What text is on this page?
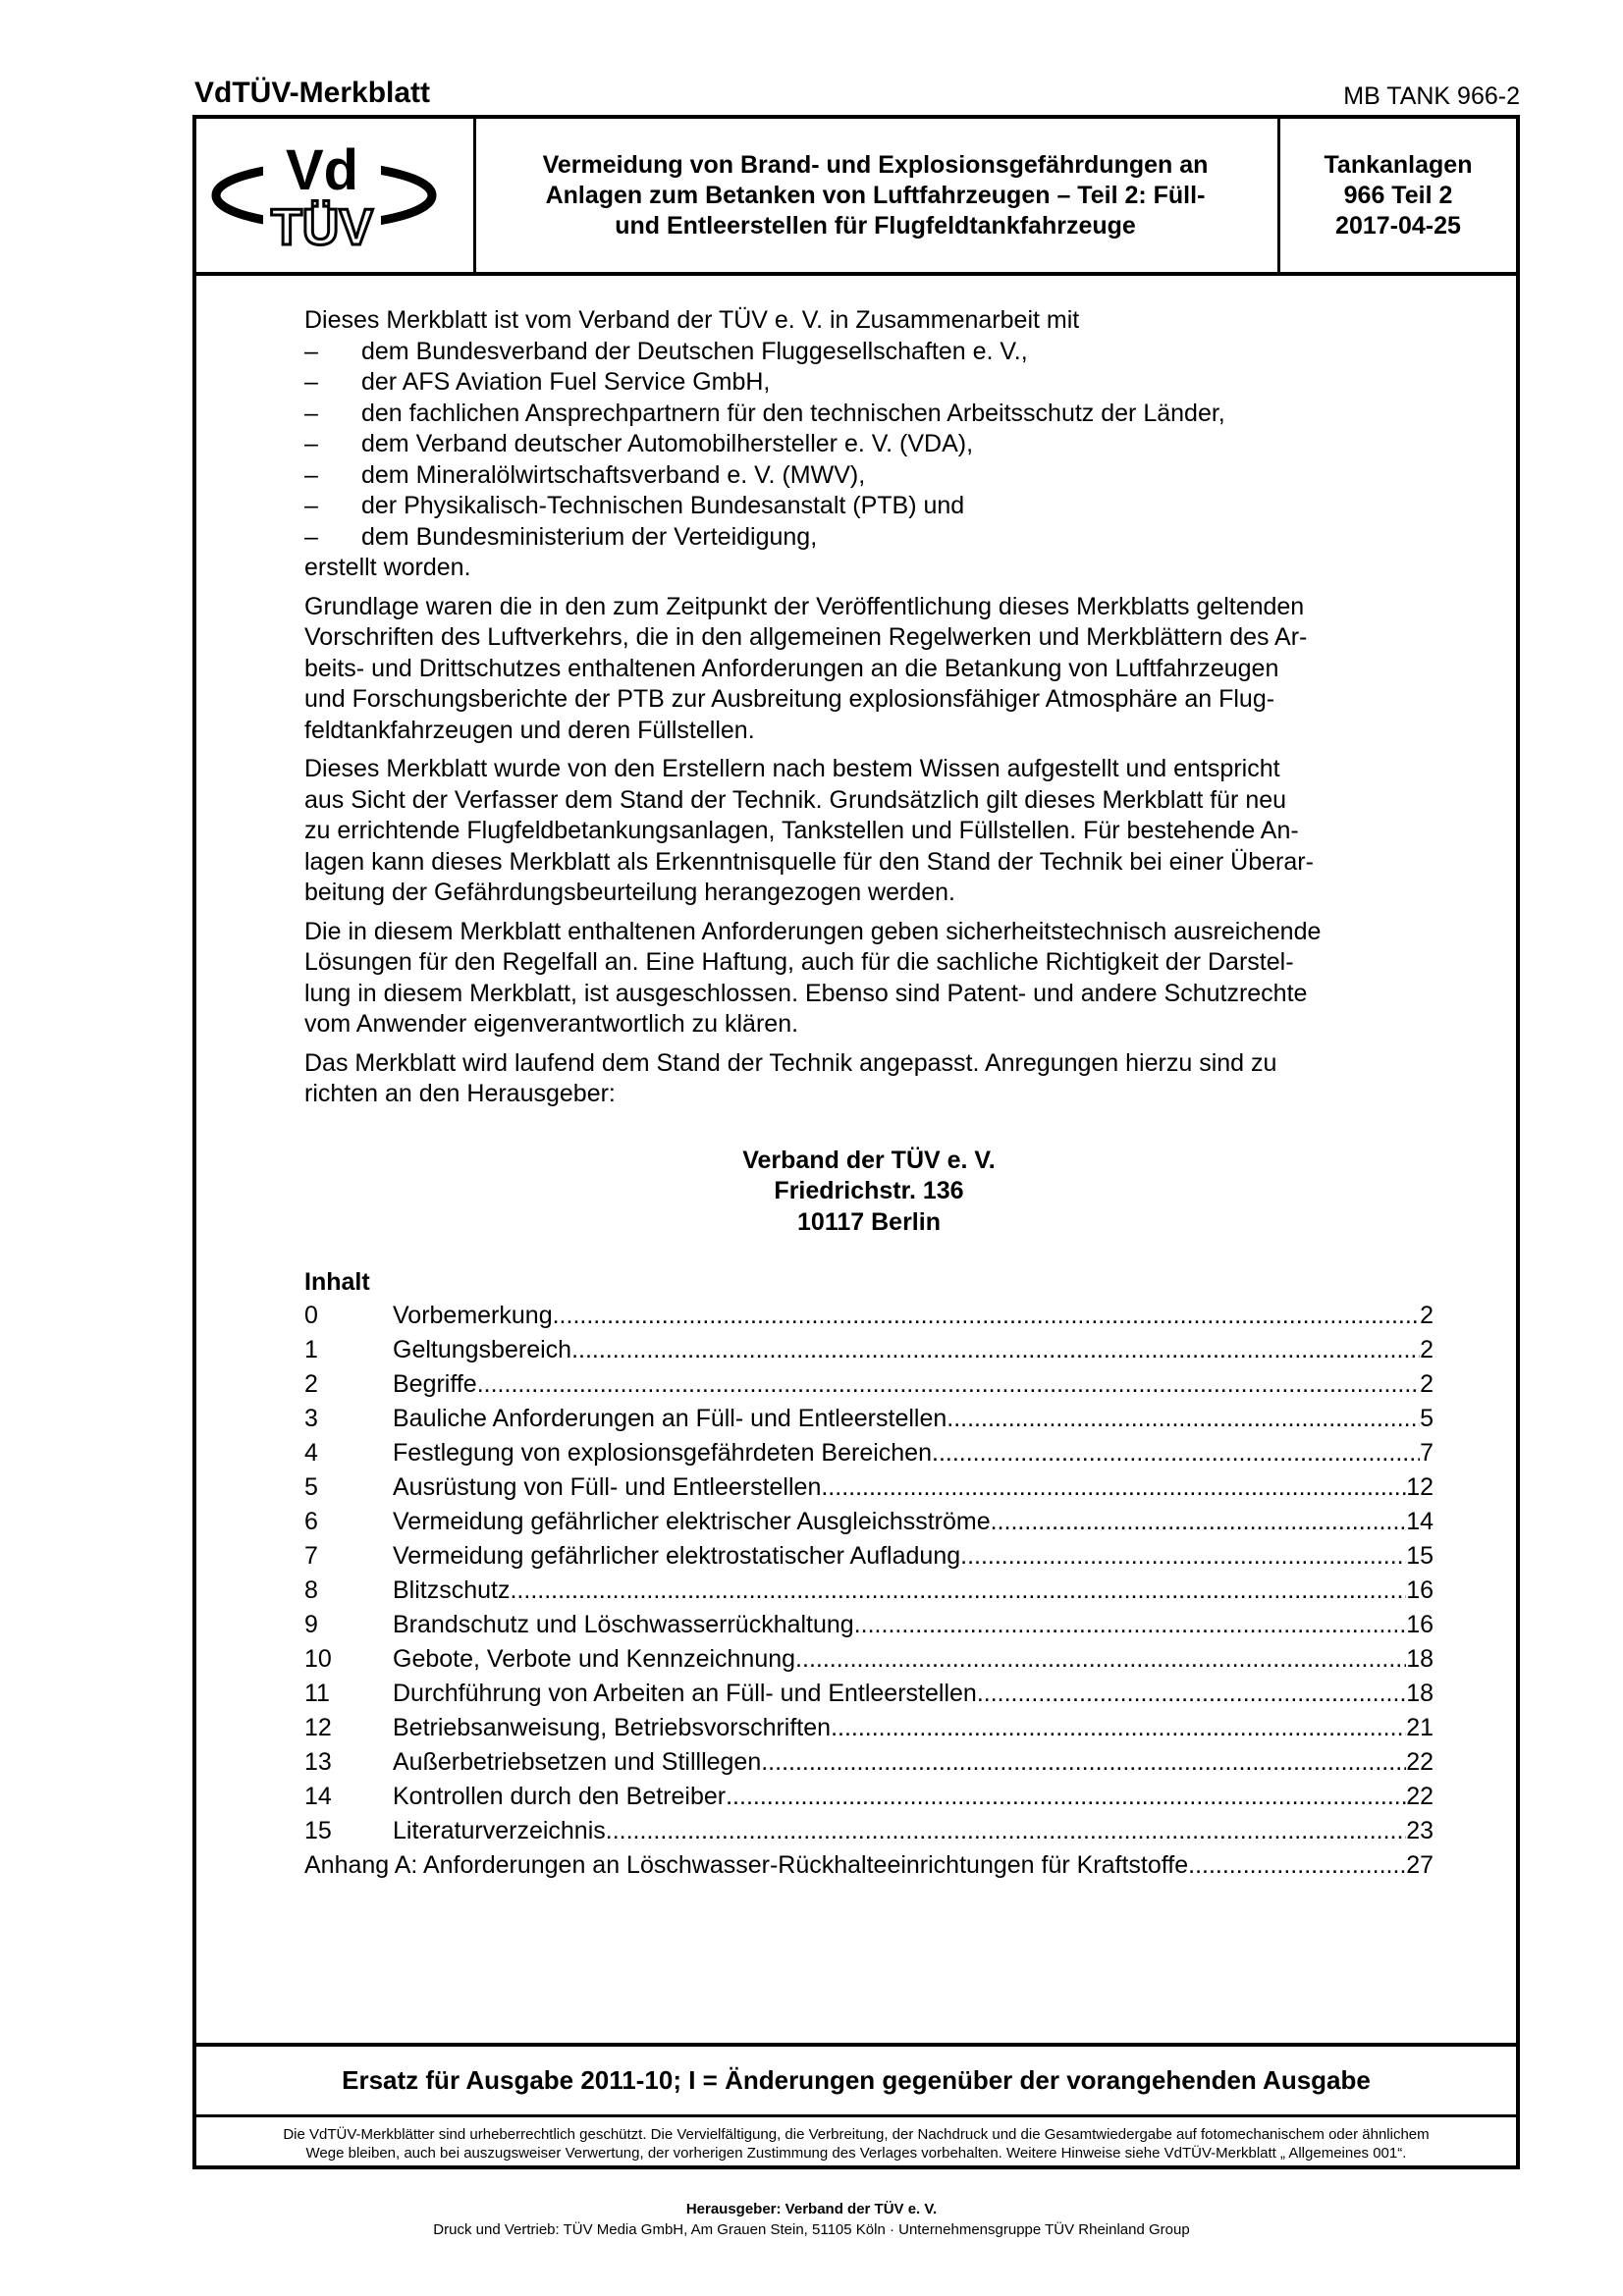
VdTÜV-Merkblatt	MB TANK 966-2
Vd
TÜV
Vermeidung von Brand- und Explosionsgefährdungen an
Anlagen zum Betanken von Luftfahrzeugen – Teil 2: Füll-
und Entleerstellen für Flugfeldtankfahrzeuge
Tankanlagen
966 Teil 2
2017-04-25
Dieses Merkblatt ist vom Verband der TÜV e. V. in Zusammenarbeit mit
–	dem Bundesverband der Deutschen Fluggesellschaften e. V.,
–	der AFS Aviation Fuel Service GmbH,
–	den fachlichen Ansprechpartnern für den technischen Arbeitsschutz der Länder,
–	dem Verband deutscher Automobilhersteller e. V. (VDA),
–	dem Mineralölwirtschaftsverband e. V. (MWV),
–	der Physikalisch-Technischen Bundesanstalt (PTB) und
–	dem Bundesministerium der Verteidigung,

erstellt worden.

Grundlage waren die in den zum Zeitpunkt der Veröffentlichung dieses Merkblatts geltenden
Vorschriften des Luftverkehrs, die in den allgemeinen Regelwerken und Merkblättern des Ar-
beits- und Drittschutzes enthaltenen Anforderungen an die Betankung von Luftfahrzeugen
und Forschungsberichte der PTB zur Ausbreitung explosionsfähiger Atmosphäre an Flug-
feldtankfahrzeugen und deren Füllstellen.

Dieses Merkblatt wurde von den Erstellern nach bestem Wissen aufgestellt und entspricht
aus Sicht der Verfasser dem Stand der Technik. Grundsätzlich gilt dieses Merkblatt für neu
zu errichtende Flugfeldbetankungsanlagen, Tankstellen und Füllstellen. Für bestehende An-
lagen kann dieses Merkblatt als Erkenntnisquelle für den Stand der Technik bei einer Überar-
beitung der Gefährdungsbeurteilung herangezogen werden.

Die in diesem Merkblatt enthaltenen Anforderungen geben sicherheitstechnisch ausreichende
Lösungen für den Regelfall an. Eine Haftung, auch für die sachliche Richtigkeit der Darstel-
lung in diesem Merkblatt, ist ausgeschlossen. Ebenso sind Patent- und andere Schutzrechte
vom Anwender eigenverantwortlich zu klären.

Das Merkblatt wird laufend dem Stand der Technik angepasst. Anregungen hierzu sind zu
richten an den Herausgeber:

Verband der TÜV e. V.
Friedrichstr. 136
10117 Berlin
Inhalt
0	Vorbemerkung .....	2
1	Geltungsbereich .....	2
2	Begriffe .....	2
3	Bauliche Anforderungen an Füll- und Entleerstellen .....	5
4	Festlegung von explosionsgefährdeten Bereichen .....	7
5	Ausrüstung von Füll- und Entleerstellen .....	12
6	Vermeidung gefährlicher elektrischer Ausgleichsströme .....	14
7	Vermeidung gefährlicher elektrostatischer Aufladung .....	15
8	Blitzschutz .....	16
9	Brandschutz und Löschwasserrückhaltung .....	16
10	Gebote, Verbote und Kennzeichnung .....	18
11	Durchführung von Arbeiten an Füll- und Entleerstellen .....	18
12	Betriebsanweisung, Betriebsvorschriften .....	21
13	Außerbetriebsetzen und Stilllegen .....	22
14	Kontrollen durch den Betreiber .....	22
15	Literaturverzeichnis .....	23
Anhang A: Anforderungen an Löschwasser-Rückhalteeinrichtungen für Kraftstoffe .....	27
Ersatz für Ausgabe 2011-10; I = Änderungen gegenüber der vorangehenden Ausgabe
Die VdTÜV-Merkblätter sind urheberrechtlich geschützt. Die Vervielfältigung, die Verbreitung, der Nachdruck und die Gesamtwiedergabe auf fotomechanischem oder ähnlichem
Wege bleiben, auch bei auszugsweiser Verwertung, der vorherigen Zustimmung des Verlages vorbehalten. Weitere Hinweise siehe VdTÜV-Merkblatt „ Allgemeines 001“.
Herausgeber: Verband der TÜV e. V.
Druck und Vertrieb: TÜV Media GmbH, Am Grauen Stein, 51105 Köln · Unternehmensgruppe TÜV Rheinland Group
